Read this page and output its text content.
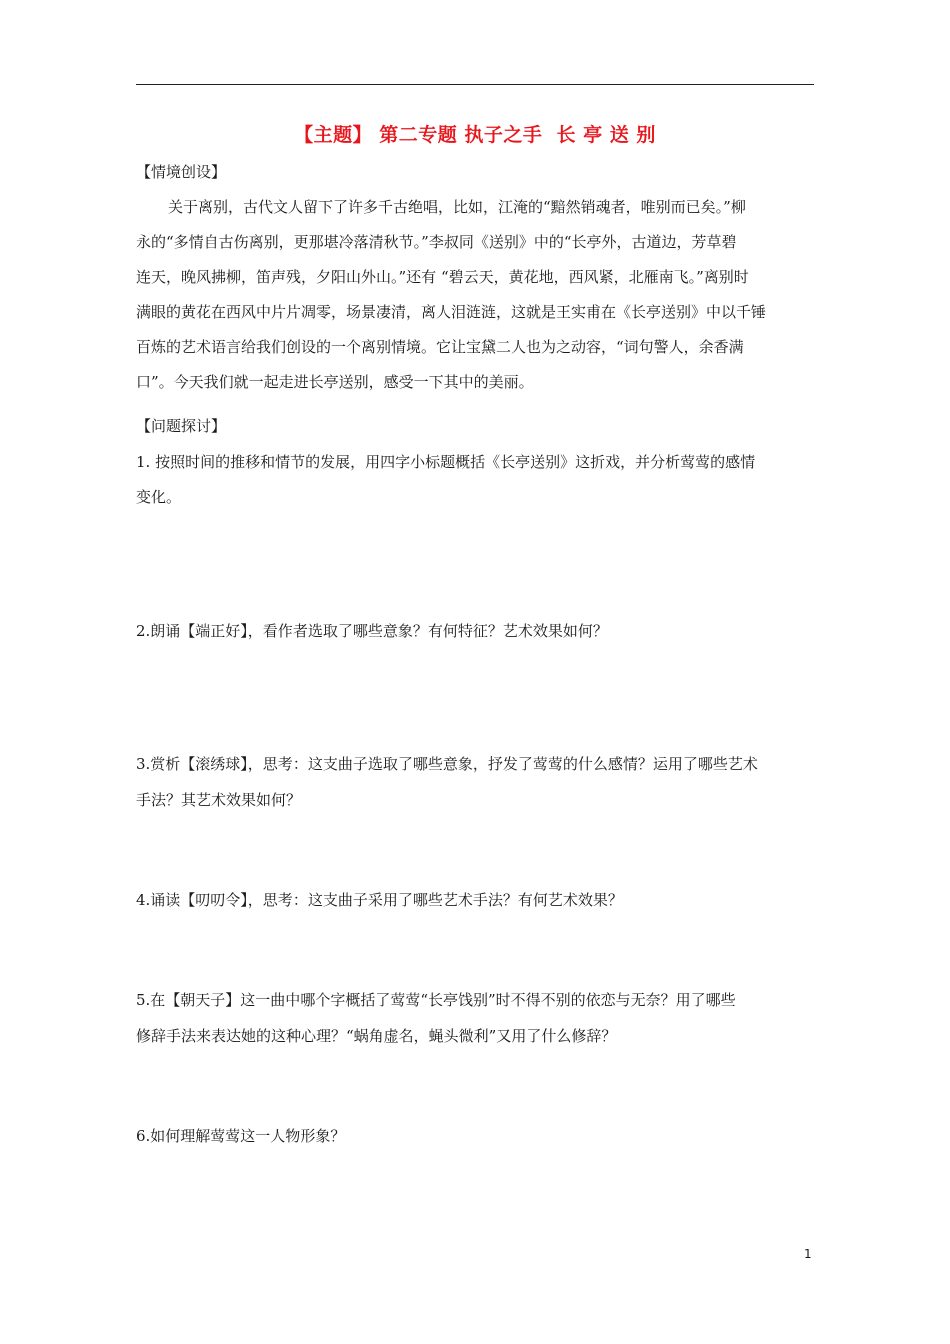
【主题】 第二专题 执子之手  长 亭 送 别
【情境创设】
关于离别，古代文人留下了许多千古绝唱，比如，江淹的“黯然销魂者，唯别而已矣。”柳
永的“多情自古伤离别，更那堪冷落清秋节。”李叔同《送别》中的“长亭外，古道边，芳草碧
连天，晚风拂柳，笛声残，夕阳山外山。”还有 “碧云天，黄花地，西风紧，北雁南飞。”离别时
满眼的黄花在西风中片片凋零，场景凄清，离人泪涟涟，这就是王实甫在《长亭送别》中以千锤
百炼的艺术语言给我们创设的一个离别情境。它让宝黛二人也为之动容，“词句警人，余香满
口”。今天我们就一起走进长亭送别，感受一下其中的美丽。
【问题探讨】
1. 按照时间的推移和情节的发展，用四字小标题概括《长亭送别》这折戏，并分析莺莺的感情
变化。
2.朗诵【端正好】，看作者选取了哪些意象？有何特征？艺术效果如何？
3.赏析【滚绣球】，思考：这支曲子选取了哪些意象，抒发了莺莺的什么感情？运用了哪些艺术
手法？其艺术效果如何？
4.诵读【叨叨令】，思考：这支曲子采用了哪些艺术手法？有何艺术效果？
5.在【朝天子】这一曲中哪个字概括了莺莺“长亭饯别”时不得不别的依恋与无奈？用了哪些
修辞手法来表达她的这种心理？“蜗角虚名，蝇头微利”又用了什么修辞？
6.如何理解莺莺这一人物形象？
1
